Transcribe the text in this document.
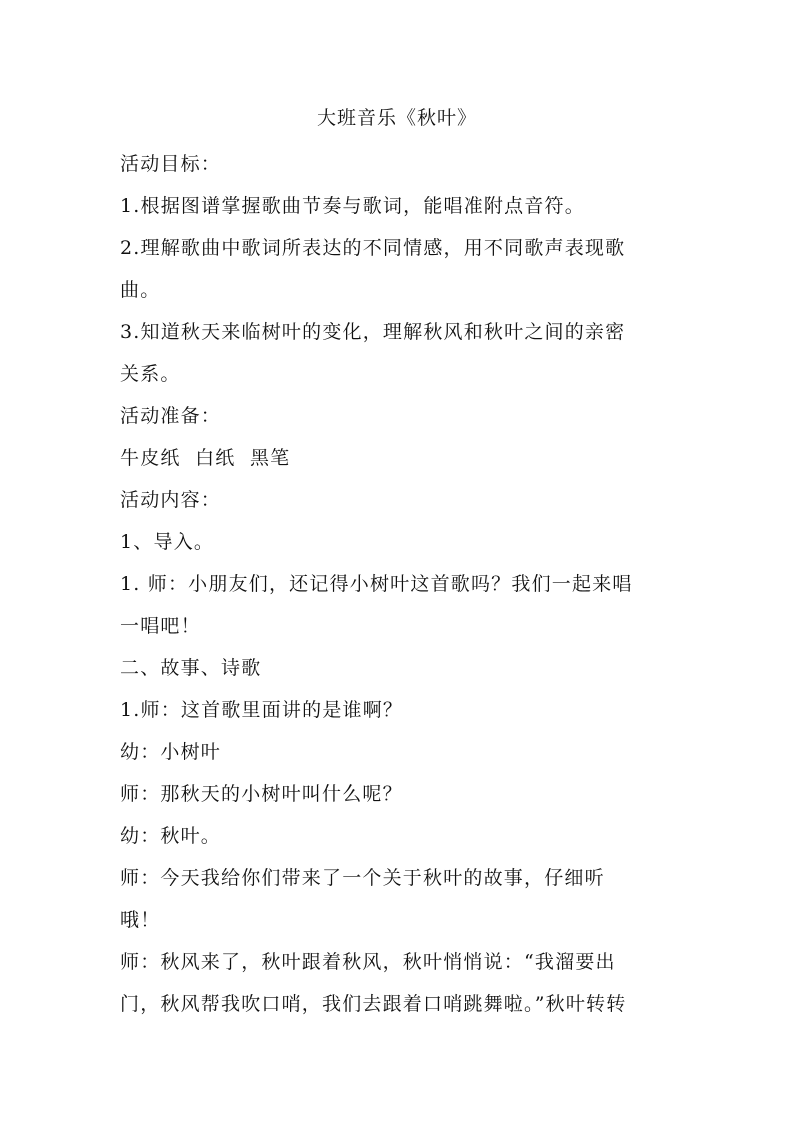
大班音乐《秋叶》

活动目标：

1.根据图谱掌握歌曲节奏与歌词，能唱准附点音符。

2.理解歌曲中歌词所表达的不同情感，用不同歌声表现歌

曲。

3.知道秋天来临树叶的变化，理解秋风和秋叶之间的亲密

关系。

活动准备：

牛皮纸  白纸  黑笔

活动内容：

1、导入。

1. 师：小朋友们，还记得小树叶这首歌吗？我们一起来唱

一唱吧！

二、故事、诗歌

1.师：这首歌里面讲的是谁啊？

幼：小树叶

师：那秋天的小树叶叫什么呢？

幼：秋叶。

师：今天我给你们带来了一个关于秋叶的故事，仔细听

哦！

师：秋风来了，秋叶跟着秋风，秋叶悄悄说：“我溜要出

门，秋风帮我吹口哨，我们去跟着口哨跳舞啦。”秋叶转转
